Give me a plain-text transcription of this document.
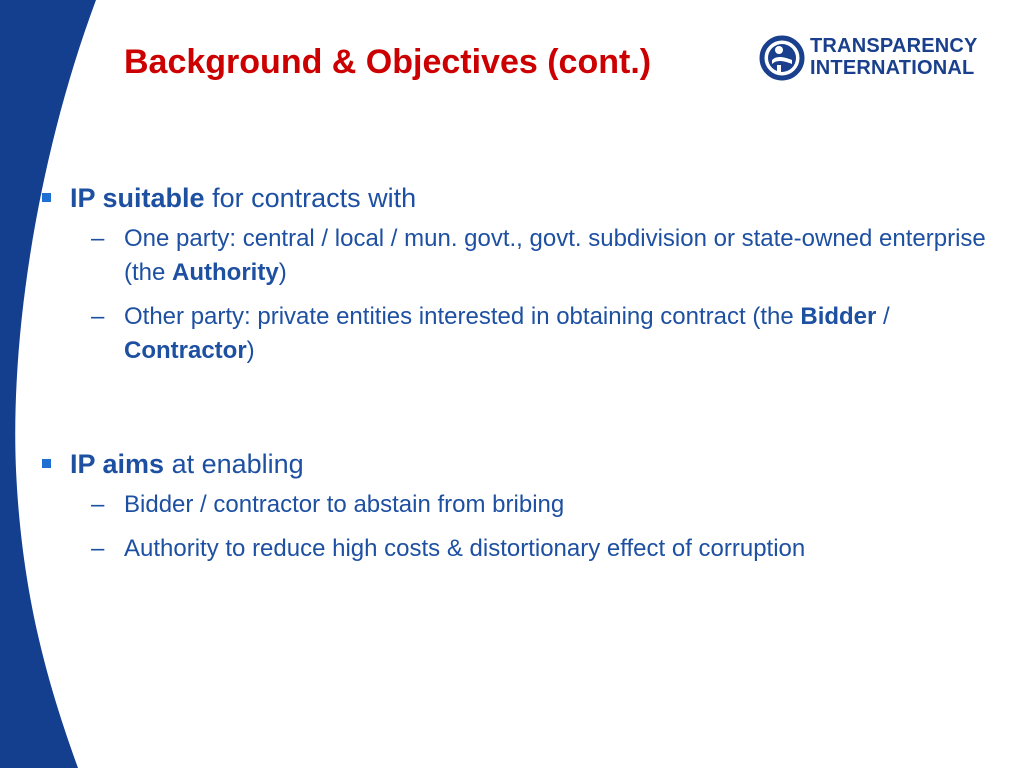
Background & Objectives (cont.)	TRANSPARENCY
INTERNATIONAL

IP suitable for contracts with

– One party: central / local / mun. govt., govt. subdivision or state-owned enterprise (the Authority)

– Other party: private entities interested in obtaining contract (the Bidder / Contractor)

IP aims at enabling

– Bidder / contractor to abstain from bribing

– Authority to reduce high costs & distortionary effect of corruption
